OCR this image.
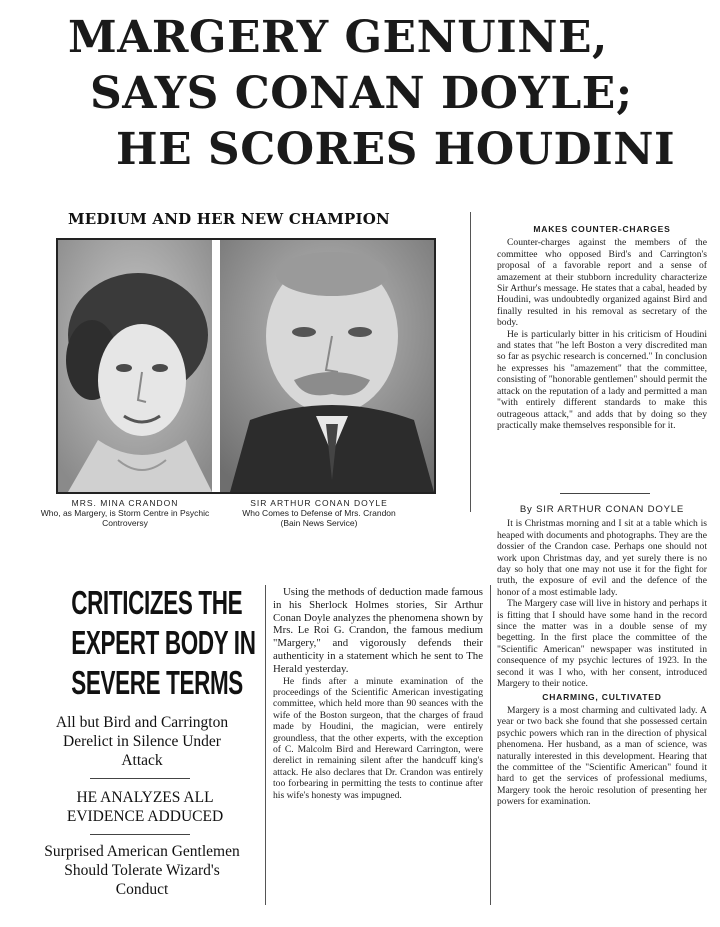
MARGERY GENUINE,
SAYS CONAN DOYLE;
HE SCORES HOUDINI
MEDIUM AND HER NEW CHAMPION
MRS. MINA CRANDON
Who, as Margery, is Storm Centre in Psychic Controversy
SIR ARTHUR CONAN DOYLE
Who Comes to Defense of Mrs. Crandon
(Bain News Service)
CRITICIZES THE
EXPERT BODY IN
SEVERE TERMS
All but Bird and Carrington Derelict in Silence Under Attack
HE ANALYZES ALL EVIDENCE ADDUCED
Surprised American Gentlemen Should Tolerate Wizard's Conduct

Using the methods of deduction made famous in his Sherlock Holmes stories, Sir Arthur Conan Doyle analyzes the phenomena shown by Mrs. Le Roi G. Crandon, the famous medium "Margery," and vigorously defends their authenticity in a statement which he sent to The Herald yesterday.

He finds after a minute examination of the proceedings of the Scientific American investigating committee, which held more than 90 seances with the wife of the Boston surgeon, that the charges of fraud made by Houdini, the magician, were entirely groundless, that the other experts, with the exception of C. Malcolm Bird and Hereward Carrington, were derelict in remaining silent after the handcuff king's attack. He also declares that Dr. Crandon was entirely too forbearing in permitting the tests to continue after his wife's honesty was impugned.

MAKES COUNTER-CHARGES

Counter-charges against the members of the committee who opposed Bird's and Carrington's proposal of a favorable report and a sense of amazement at their stubborn incredulity characterize Sir Arthur's message. He states that a cabal, headed by Houdini, was undoubtedly organized against Bird and finally resulted in his removal as secretary of the body.

He is particularly bitter in his criticism of Houdini and states that "he left Boston a very discredited man so far as psychic research is concerned." In conclusion he expresses his "amazement" that the committee, consisting of "honorable gentlemen" should permit the attack on the reputation of a lady and permitted a man "with entirely different standards to make this outrageous attack," and adds that by doing so they practically make themselves responsible for it.

By SIR ARTHUR CONAN DOYLE

It is Christmas morning and I sit at a table which is heaped with documents and photographs. They are the dossier of the Crandon case. Perhaps one should not work upon Christmas day, and yet surely there is no day so holy that one may not use it for the fight for truth, the exposure of evil and the defence of the honor of a most estimable lady.

The Margery case will live in history and perhaps it is fitting that I should have some hand in the record since the matter was in a double sense of my begetting. In the first place the committee of the "Scientific American" newspaper was instituted in consequence of my psychic lectures of 1923. In the second it was I who, with her consent, introduced Margery to their notice.

CHARMING, CULTIVATED

Margery is a most charming and cultivated lady. A year or two back she found that she possessed certain psychic powers which ran in the direction of physical phenomena. Her husband, as a man of science, was naturally interested in this development. Hearing that the committee of the "Scientific American" found it hard to get the services of professional mediums, Margery took the heroic resolution of presenting her powers for examination.
